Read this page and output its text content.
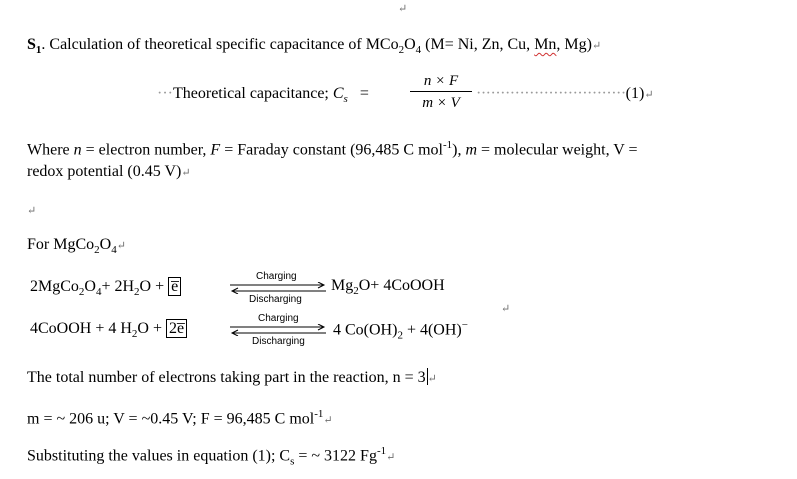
↵
$S_1$. Calculation of theoretical specific capacitance of $MCo_2O_4$ (M= Ni, Zn, Cu, Mn, Mg)↵
···Theoretical capacitance; $C_s$ =
n × F
m × V
·······························(1)↵
Where n = electron number, F = Faraday constant (96,485 C mol$^{-1}$), m = molecular weight, V =
redox potential (0.45 V)↵
↵
For $MgCo_2O_4↵$
$2MgCo_2O_4+ 2H_2O$ + e̅
Charging
Discharging
$Mg_2O+$ 4CoOOH
↵
4CoOOH + 4 $H_2O$ + 2e̅
Charging
Discharging
4 $Co(OH)_2 + 4(OH)^-$
The total number of electrons taking part in the reaction, n = 3 ↵
m = ~ 206 u; V = ~0.45 V; F = 96,485 C mol$^{-1}$↵
Substituting the values in equation (1); $C_s$ = ~ 3122 $Fg^{-1}↵$
